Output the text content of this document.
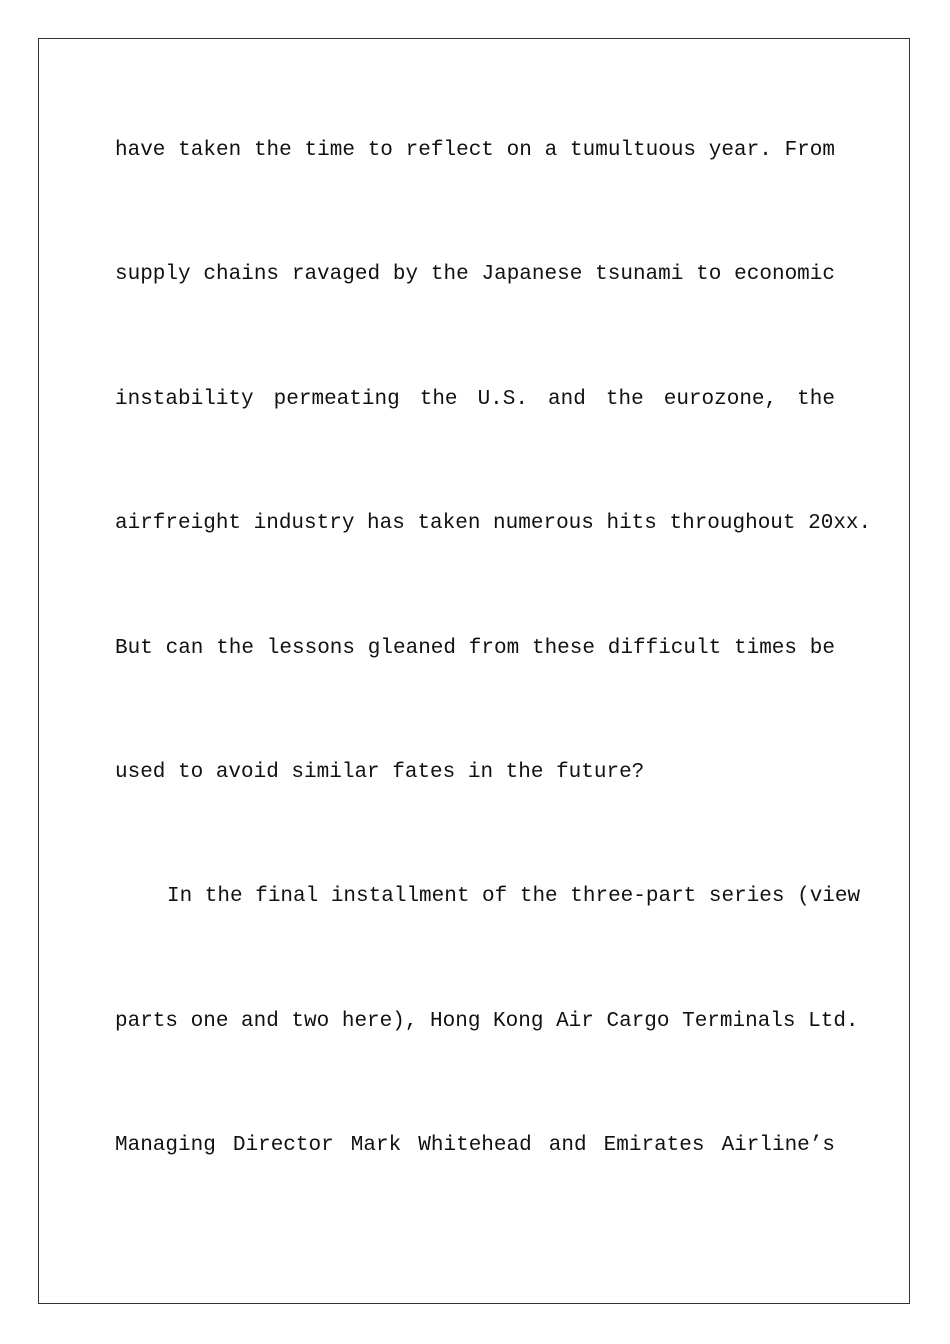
have taken the time to reflect on a tumultuous year. From
supply chains ravaged by the Japanese tsunami to economic
instability permeating the U.S. and the eurozone, the
airfreight industry has taken numerous hits throughout 20xx.
But can the lessons gleaned from these difficult times be
used to avoid similar fates in the future?
In the final installment of the three-part series (view
parts one and two here), Hong Kong Air Cargo Terminals Ltd.
Managing Director Mark Whitehead and Emirates Airline’s
